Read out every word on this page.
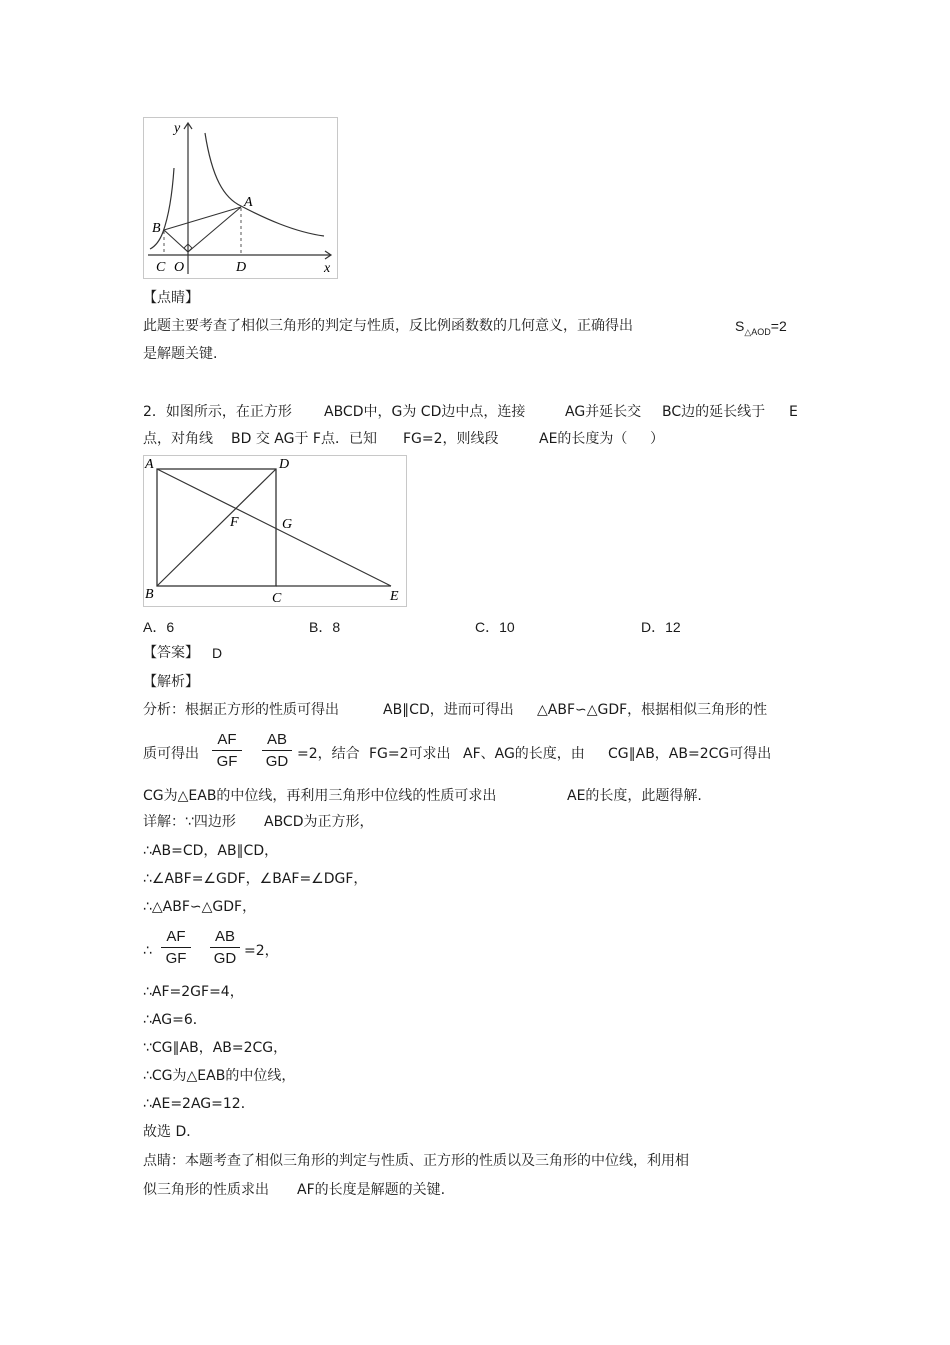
y
x
A
B
C O	D
【点睛】
此题主要考查了相似三角形的判定与性质，反比例函数数的几何意义，正确得出	$S_{\triangle AOD}=2$
是解题关键.
2．如图所示，在正方形 ABCD中，G为 CD边中点，连接	AG并延长交 BC边的延长线于 E
点，对角线 BD 交 AG于 F点．已知 FG=2，则线段	AE的长度为（ ）
A	D
F	G
B	C	E
A．6	B．8	C．10	D．12
【答案】 D
【解析】
分析：根据正方形的性质可得出	AB∥CD，进而可得出 △ABF∽△GDF，根据相似三角形的性
质可得出 $\frac{AF}{GF} \frac{AB}{GD} =2$，结合 FG=2可求出 AF、AG的长度，由 CG∥AB，AB=2CG可得出
CG为△EAB的中位线，再利用三角形中位线的性质可求出	AE的长度，此题得解.
详解：∵四边形 ABCD为正方形，
∴AB=CD，AB∥CD，
∴∠ABF=∠GDF，∠BAF=∠DGF，
∴△ABF∽△GDF，
∴ $\frac{AF}{GF} \frac{AB}{GD} =2$，
∴AF=2GF=4，
∴AG=6．
∵CG∥AB，AB=2CG，
∴CG为△EAB的中位线，
∴AE=2AG=12．
故选 D．
点睛：本题考查了相似三角形的判定与性质、正方形的性质以及三角形的中位线，利用相
似三角形的性质求出 AF的长度是解题的关键.
